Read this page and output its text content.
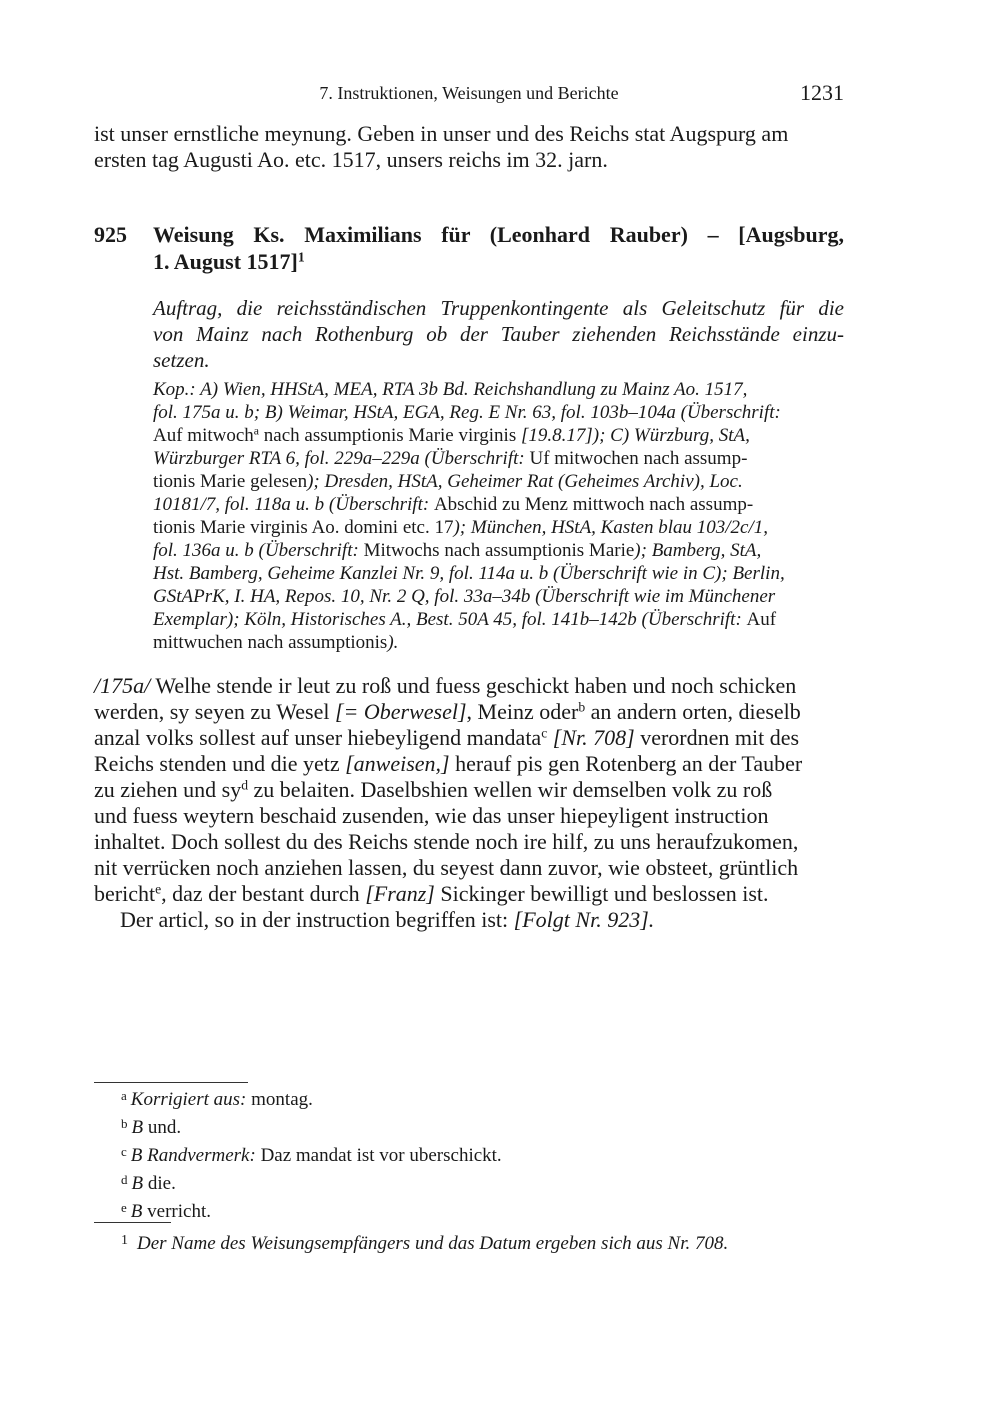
7. Instruktionen, Weisungen und Berichte	1231
ist unser ernstliche meynung. Geben in unser und des Reichs stat Augspurg am
ersten tag Augusti Ao. etc. 1517, unsers reichs im 32. jarn.
925 Weisung Ks. Maximilians für (Leonhard Rauber) – [Augsburg,
1. August 1517]$^1$
Auftrag, die reichsständischen Truppenkontingente als Geleitschutz für die
von Mainz nach Rothenburg ob der Tauber ziehenden Reichsstände einzu-
setzen.
Kop.: A) Wien, HHStA, MEA, RTA 3b Bd. Reichshandlung zu Mainz Ao. 1517,
fol. 175a u. b; B) Weimar, HStA, EGA, Reg. E Nr. 63, fol. 103b–104a (Überschrift:
Auf mitwoch$^a$ nach assumptionis Marie virginis [19.8.17]); C) Würzburg, StA,
Würzburger RTA 6, fol. 229a–229a (Überschrift: Uf mitwochen nach assump-
tionis Marie gelesen); Dresden, HStA, Geheimer Rat (Geheimes Archiv), Loc.
10181/7, fol. 118a u. b (Überschrift: Abschid zu Menz mittwoch nach assump-
tionis Marie virginis Ao. domini etc. 17); München, HStA, Kasten blau 103/2c/1,
fol. 136a u. b (Überschrift: Mitwochs nach assumptionis Marie); Bamberg, StA,
Hst. Bamberg, Geheime Kanzlei Nr. 9, fol. 114a u. b (Überschrift wie in C); Berlin,
GStAPrK, I. HA, Repos. 10, Nr. 2 Q, fol. 33a–34b (Überschrift wie im Münchener
Exemplar); Köln, Historisches A., Best. 50A 45, fol. 141b–142b (Überschrift: Auf
mittwuchen nach assumptionis).
/175a/ Welhe stende ir leut zu roß und fuess geschickt haben und noch schicken
werden, sy seyen zu Wesel [= Oberwesel], Meinz oder$^b$ an andern orten, dieselb
anzal volks sollest auf unser hiebeyligend mandata$^c$ [Nr. 708] verordnen mit des
Reichs stenden und die yetz [anweisen,] herauf pis gen Rotenberg an der Tauber
zu ziehen und $sy^d$ zu belaiten. Daselbshien wellen wir demselben volk zu roß
und fuess weytern beschaid zusenden, wie das unser hiepeyligent instruction
inhaltet. Doch sollest du des Reichs stende noch ire hilf, zu uns heraufzukomen,
nit verrücken noch anziehen lassen, du seyest dann zuvor, wie obsteet, grüntlich
bericht$^e$, daz der bestant durch [Franz] Sickinger bewilligt und beslossen ist.
Der articl, so in der instruction begriffen ist: [Folgt Nr. 923].
$^a$ Korrigiert aus: montag.
$^b$ B und.
$^c$ B Randvermerk: Daz mandat ist vor uberschickt.
$^d$ B die.
$^e$ B verricht.
$^1$ Der Name des Weisungsempfängers und das Datum ergeben sich aus Nr. 708.
